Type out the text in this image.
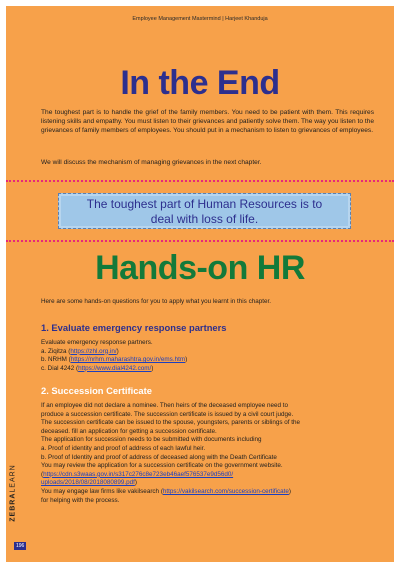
Employee Management Mastermind | Harjeet Khanduja
In the End
The toughest part is to handle the grief of the family members. You need to be patient with them. This requires listening skills and empathy. You must listen to their grievances and patiently solve them. The way you listen to the grievances of family members of employees. You should put in a mechanism to listen to grievances of employees.
We will discuss the mechanism of managing grievances in the next chapter.
The toughest part of Human Resources is to
deal with loss of life.
Hands-on HR
Here are some hands-on questions for you to apply what you learnt in this chapter.
1. Evaluate emergency response partners
Evaluate emergency response partners.
a. Ziqitza (https://zhl.org.in/)
b. NRHM (https://nrhm.maharashtra.gov.in/ems.htm)
c. Dial 4242 (https://www.dial4242.com/)
2. Succession Certificate
If an employee did not declare a nominee. Then heirs of the deceased employee need to
produce a succession certificate. The succession certificate is issued by a civil court judge.
The succession certificate can be issued to the spouse, youngsters, parents or siblings of the
deceased. fill an application for getting a succession certificate.
The application for succession needs to be submitted with documents including
a. Proof of identity and proof of address of each lawful heir.
b. Proof of Identity and proof of address of deceased along with the Death Certificate
You may review the application for a succession certificate on the government website.
(https://cdn.s3waas.gov.in/s317c276c8e723eb46aef576537e9d56d0/
uploads/2018/08/2018080899.pdf)
You may engage law firms like vakilsearch (https://vakilsearch.com/succession-certificate)
for helping with the process.
ZEBRALEARN
196
